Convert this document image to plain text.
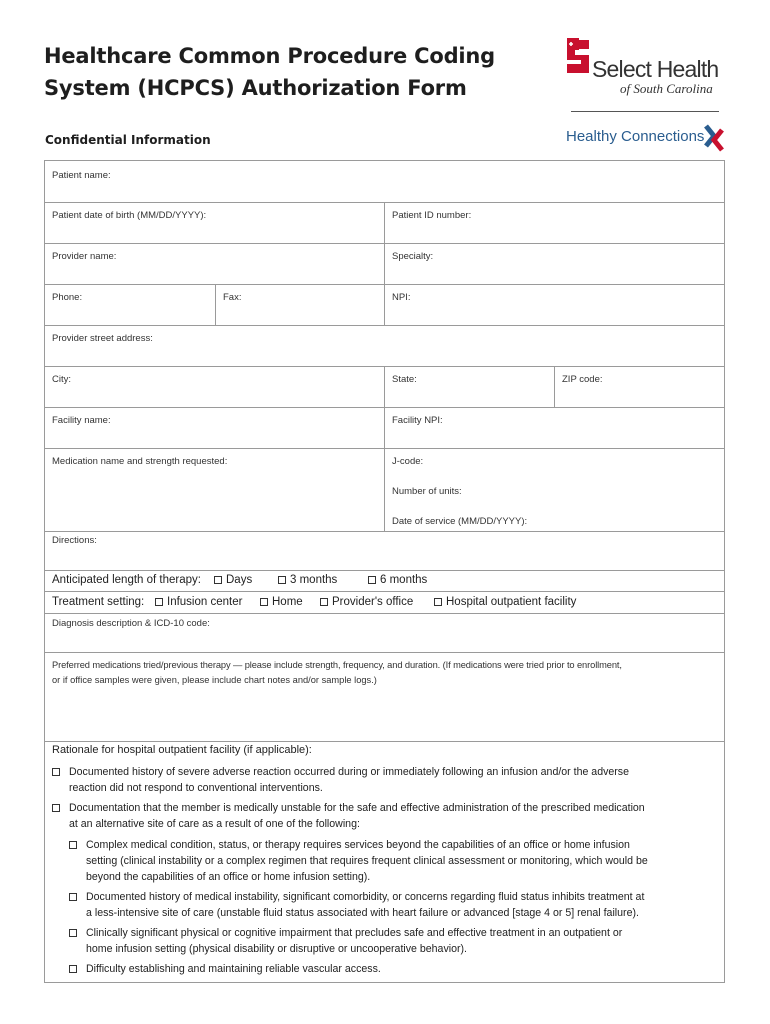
Healthcare Common Procedure Coding
System (HCPCS) Authorization Form
Confidential Information
Select Health
of South Carolina
Healthy Connections
Patient name:
Patient date of birth (MM/DD/YYYY):	Patient ID number:
Provider name:	Specialty:
Phone:	Fax:	NPI:
Provider street address:
City:	State:	ZIP code:
Facility name:	Facility NPI:
Medication name and strength requested:	J-code:
Number of units:
Date of service (MM/DD/YYYY):
Directions:
Anticipated length of therapy:	Days	3 months	6 months
Treatment setting:	Infusion center	Home	Provider's office	Hospital outpatient facility
Diagnosis description & ICD-10 code:
Preferred medications tried/previous therapy — please include strength, frequency, and duration. (If medications were tried prior to enrollment,
or if office samples were given, please include chart notes and/or sample logs.)
Rationale for hospital outpatient facility (if applicable):
Documented history of severe adverse reaction occurred during or immediately following an infusion and/or the adverse
reaction did not respond to conventional interventions.
Documentation that the member is medically unstable for the safe and effective administration of the prescribed medication
at an alternative site of care as a result of one of the following:
Complex medical condition, status, or therapy requires services beyond the capabilities of an office or home infusion
setting (clinical instability or a complex regimen that requires frequent clinical assessment or monitoring, which would be
beyond the capabilities of an office or home infusion setting).
Documented history of medical instability, significant comorbidity, or concerns regarding fluid status inhibits treatment at
a less-intensive site of care (unstable fluid status associated with heart failure or advanced [stage 4 or 5] renal failure).
Clinically significant physical or cognitive impairment that precludes safe and effective treatment in an outpatient or
home infusion setting (physical disability or disruptive or uncooperative behavior).
Difficulty establishing and maintaining reliable vascular access.
